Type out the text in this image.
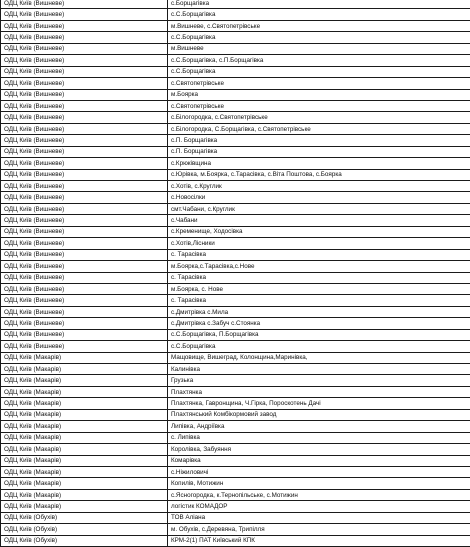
ОДЦ Київ (Вишневе)	с.Борщагівка
ОДЦ Київ (Вишневе)	с.С.Борщагівка
ОДЦ Київ (Вишневе)	м.Вишневе, с.Святопетрівське
ОДЦ Київ (Вишневе)	с.С.Борщагівка
ОДЦ Київ (Вишневе)	м.Вишневе
ОДЦ Київ (Вишневе)	с.С.Борщагівка, с.П.Борщагівка
ОДЦ Київ (Вишневе)	с.С.Борщагівка
ОДЦ Київ (Вишневе)	с.Святопетрівське
ОДЦ Київ (Вишневе)	м.Боярка
ОДЦ Київ (Вишневе)	с.Святопетрівське
ОДЦ Київ (Вишневе)	с.Білогородка, с.Святопетрівське
ОДЦ Київ (Вишневе)	с.Білогородка, С.Борщагівка, с.Святопетрівське
ОДЦ Київ (Вишневе)	с.П. Борщагівка
ОДЦ Київ (Вишневе)	с.П. Борщагівка
ОДЦ Київ (Вишневе)	с.Крюківщина
ОДЦ Київ (Вишневе)	с.Юрівка, м.Боярка, с.Тарасівка, с.Віта Поштова, с.Боярка
ОДЦ Київ (Вишневе)	с.Хотів, с.Круглик
ОДЦ Київ (Вишневе)	с.Новосілки
ОДЦ Київ (Вишневе)	смт.Чабани, с.Круглик
ОДЦ Київ (Вишневе)	с.Чабани
ОДЦ Київ (Вишневе)	с.Кременище, Ходосівка
ОДЦ Київ (Вишневе)	с.Хотів,Лісники
ОДЦ Київ (Вишневе)	с. Тарасівка
ОДЦ Київ (Вишневе)	м.Боярка,с.Тарасівка,с.Нове
ОДЦ Київ (Вишневе)	с. Тарасівка
ОДЦ Київ (Вишневе)	м.Боярка, с. Нове
ОДЦ Київ (Вишневе)	с. Тарасівка
ОДЦ Київ (Вишневе)	с.Дмитрівка с.Мила
ОДЦ Київ (Вишневе)	с.Дмитрівка с.Забуч с.Стоянка
ОДЦ Київ (Вишневе)	с.С.Борщагівка, П.Борщагівка
ОДЦ Київ (Вишневе)	с.С.Борщагівка
ОДЦ Київ (Макарів)	Мащовище, Вишеград, Колонщина,Маринівка,
ОДЦ Київ (Макарів)	Калинівка
ОДЦ Київ (Макарів)	Грузька
ОДЦ Київ (Макарів)	Плахтянка
ОДЦ Київ (Макарів)	Плахтянка, Гавронщина, Ч.Гірка, Пороскотень Дачі
ОДЦ Київ (Макарів)	Плахтянський Комбікормовий завод
ОДЦ Київ (Макарів)	Липівка, Андріївка
ОДЦ Київ (Макарів)	с. Липівка
ОДЦ Київ (Макарів)	Королівка, Забуяння
ОДЦ Київ (Макарів)	Комарівка
ОДЦ Київ (Макарів)	с.Ніжиловичі
ОДЦ Київ (Макарів)	Копилів, Мотижин
ОДЦ Київ (Макарів)	с.Ясногородка, к.Тернопільське, с.Мотижин
ОДЦ Київ (Макарів)	логістик КОМАДОР
ОДЦ Київ (Обухів)	ТОВ Аліана
ОДЦ Київ (Обухів)	м. Обухів, с.Деревяна, Трипілля
ОДЦ Київ (Обухів)	КРМ-2(1) ПАТ Київський КПК
